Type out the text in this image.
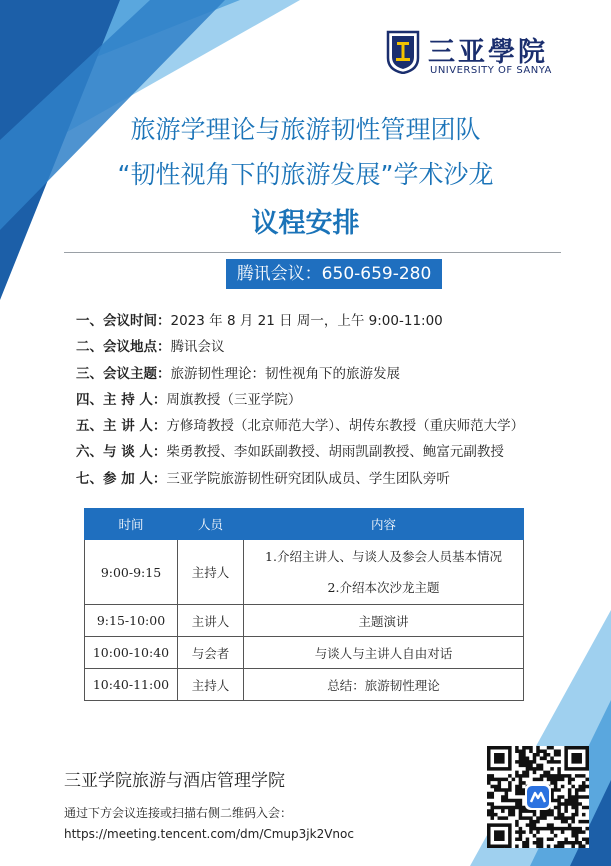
三亚學院
UNIVERSITY OF SANYA
旅游学理论与旅游韧性管理团队
“韧性视角下的旅游发展”学术沙龙
议程安排
腾讯会议：650-659-280
一、会议时间：2023 年 8 月 21 日 周一，上午 9:00-11:00
二、会议地点：腾讯会议
三、会议主题：旅游韧性理论：韧性视角下的旅游发展
四、主 持 人：周旗教授（三亚学院）
五、主 讲 人：方修琦教授（北京师范大学）、胡传东教授（重庆师范大学）
六、与 谈 人：柴勇教授、李如跃副教授、胡雨凯副教授、鲍富元副教授
七、参 加 人：三亚学院旅游韧性研究团队成员、学生团队旁听
时间	人员	内容
9:00-9:15	主持人	1.介绍主讲人、与谈人及参会人员基本情况
2.介绍本次沙龙主题

9:15-10:00	主讲人	主题演讲
10:00-10:40	与会者	与谈人与主讲人自由对话
10:40-11:00	主持人	总结：旅游韧性理论
三亚学院旅游与酒店管理学院
通过下方会议连接或扫描右侧二维码入会：
https://meeting.tencent.com/dm/Cmup3jk2Vnoc
